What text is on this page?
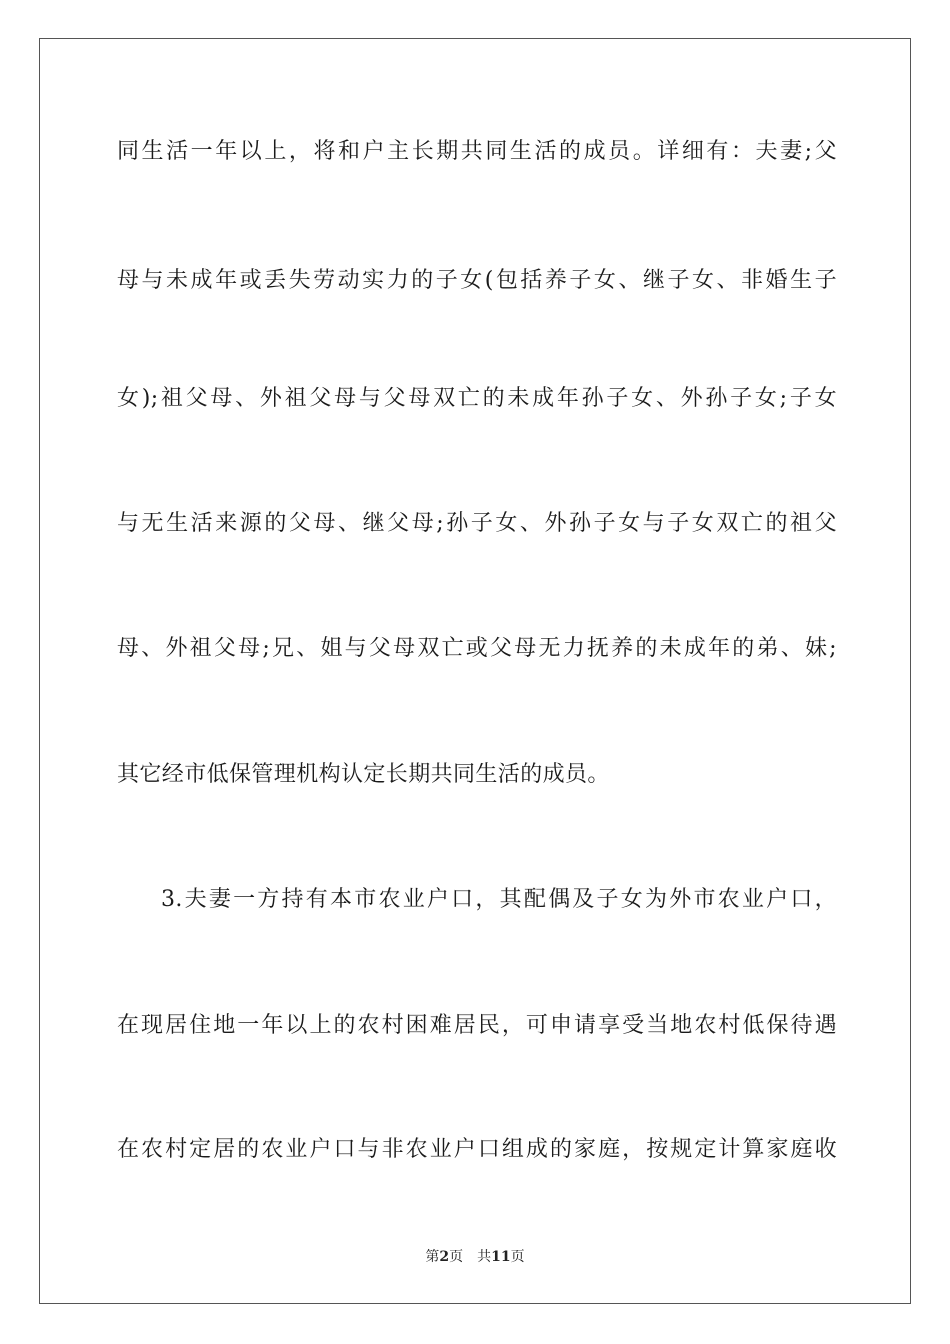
同生活一年以上，将和户主长期共同生活的成员。详细有：夫妻;父
母与未成年或丢失劳动实力的子女(包括养子女、继子女、非婚生子
女);祖父母、外祖父母与父母双亡的未成年孙子女、外孙子女;子女
与无生活来源的父母、继父母;孙子女、外孙子女与子女双亡的祖父
母、外祖父母;兄、姐与父母双亡或父母无力抚养的未成年的弟、妹;
其它经市低保管理机构认定长期共同生活的成员。
3.夫妻一方持有本市农业户口，其配偶及子女为外市农业户口，
在现居住地一年以上的农村困难居民，可申请享受当地农村低保待遇
在农村定居的农业户口与非农业户口组成的家庭，按规定计算家庭收
第2页 共11页
